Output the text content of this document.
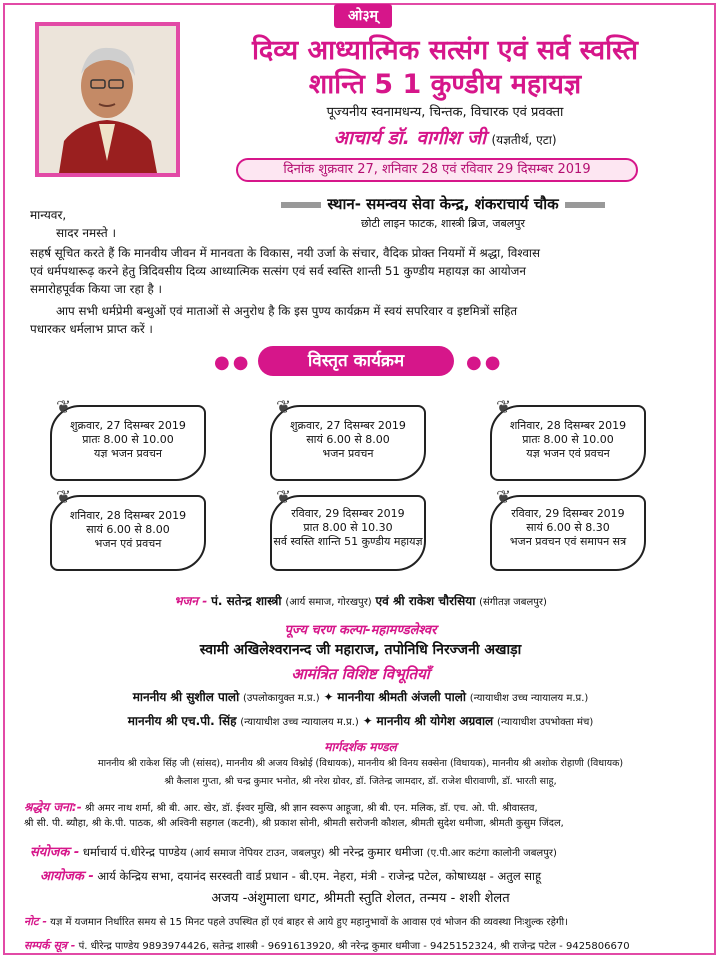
ओ३म्
दिव्य आध्यात्मिक सत्संग एवं सर्व स्वस्ति
शान्ति 5 1 कुण्डीय महायज्ञ
पूज्यनीय स्वनामधन्य, चिन्तक, विचारक एवं प्रवक्ता
आचार्य डॉ. वागीश जी (यज्ञतीर्थ, एटा)
दिनांक शुक्रवार 27, शनिवार 28 एवं रविवार 29 दिसम्बर 2019
स्थान- समन्वय सेवा केन्द्र, शंकराचार्य चौक
छोटी लाइन फाटक, शास्त्री ब्रिज, जबलपुर
मान्यवर,
सादर नमस्ते ।
सहर्ष सूचित करते हैं कि मानवीय जीवन में मानवता के विकास, नयी उर्जा के संचार, वैदिक प्रोक्त नियमों में श्रद्धा, विश्वास
एवं धर्मपथारूढ़ करने हेतु त्रिदिवसीय दिव्य आध्यात्मिक सत्संग एवं सर्व स्वस्ति शान्ती 51 कुण्डीय महायज्ञ का आयोजन
समारोहपूर्वक किया जा रहा है ।
आप सभी धर्मप्रेमी बन्धुओं एवं माताओं से अनुरोध है कि इस पुण्य कार्यक्रम में स्वयं सपरिवार व इष्टमित्रों सहित
पधारकर धर्मलाभ प्राप्त करें ।
●●	विस्तृत कार्यक्रम	●●
❦
शुक्रवार, 27 दिसम्बर 2019
प्रातः 8.00 से 10.00
यज्ञ भजन प्रवचन
❦
शुक्रवार, 27 दिसम्बर 2019
सायं 6.00 से 8.00
भजन प्रवचन
❦
शनिवार, 28 दिसम्बर 2019
प्रातः 8.00 से 10.00
यज्ञ भजन एवं प्रवचन
❦
शनिवार, 28 दिसम्बर 2019
सायं 6.00 से 8.00
भजन एवं प्रवचन
❦
रविवार, 29 दिसम्बर 2019
प्रात 8.00 से 10.30
सर्व स्वस्ति शान्ति 51 कुण्डीय महायज्ञ
❦
रविवार, 29 दिसम्बर 2019
सायं 6.00 से 8.30
भजन प्रवचन एवं समापन सत्र
भजन - पं. सतेन्द्र शास्त्री (आर्य समाज, गोरखपुर) एवं श्री राकेश चौरसिया (संगीतज्ञ जबलपुर)
पूज्य चरण कल्पा-महामण्डलेश्वर
स्वामी अखिलेश्वरानन्द जी महाराज, तपोनिधि निरज्जनी अखाड़ा
आमंत्रित विशिष्ट विभूतियाँ
माननीय श्री सुशील पालो (उपलोकायुक्त म.प्र.) ✦ माननीया श्रीमती अंजली पालो (न्यायाधीश उच्च न्यायालय म.प्र.)
माननीय श्री एच.पी. सिंह (न्यायाधीश उच्च न्यायालय म.प्र.) ✦ माननीय श्री योगेश अग्रवाल (न्यायाधीश उपभोक्ता मंच)
मार्गदर्शक मण्डल
माननीय श्री राकेश सिंह जी (सांसद), माननीय श्री अजय विश्नोई (विधायक), माननीय श्री विनय सक्सेना (विधायक), माननीय श्री अशोक रोहाणी (विधायक)
श्री कैलाश गुप्ता, श्री चन्द्र कुमार भनोत, श्री नरेश ग्रोवर, डॉ. जितेन्द्र जामदार, डॉ. राजेश धीरावाणी, डॉ. भारती साहू,
श्रद्धेय जना:- श्री अमर नाथ शर्मा, श्री बी. आर. खेर, डॉ. ईश्वर मुखि, श्री ज्ञान स्वरूप आहूजा, श्री बी. एन. मलिक, डॉ. एच. ओ. पी. श्रीवास्तव,
श्री सी. पी. ब्यौहा, श्री के.पी. पाठक, श्री अश्विनी सहगल (कटनी), श्री प्रकाश सोनी, श्रीमती सरोजनी कौशल, श्रीमती सुदेश धमीजा, श्रीमती कुसुम जिंदल,
संयोजक - धर्माचार्य पं.धीरेन्द्र पाण्डेय (आर्य समाज नेपियर टाउन, जबलपुर) श्री नरेन्द्र कुमार धमीजा (ए.पी.आर कटंगा कालोनी जबलपुर)
आयोजक - आर्य केन्द्रिय सभा, दयानंद सरस्वती वार्ड प्रधान - बी.एम. नेहरा, मंत्री - राजेन्द्र पटेल, कोषाध्यक्ष - अतुल साहू
अजय -अंशुमाला धगट, श्रीमती स्तुति शेलत, तन्मय - शशी शेलत
नोट - यज्ञ में यजमान निर्धारित समय से 15 मिनट पहले उपस्थित हों एवं बाहर से आये हुए महानुभावों के आवास एवं भोजन की व्यवस्था निःशुल्क रहेगी।
सम्पर्क सूत्र - पं. धीरेन्द्र पाण्डेय 9893974426, सतेन्द्र शास्त्री - 9691613920, श्री नरेन्द्र कुमार धमीजा - 9425152324, श्री राजेन्द्र पटेल - 9425806670
